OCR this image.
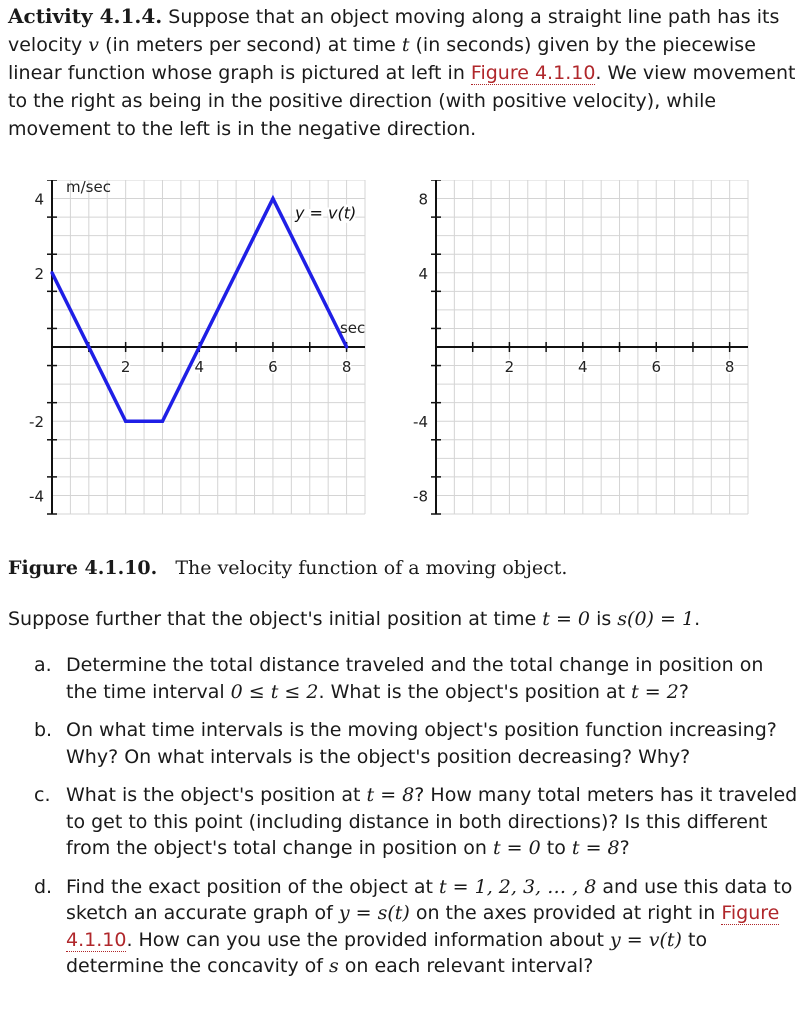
Activity 4.1.4. Suppose that an object moving along a straight line path has its velocity v (in meters per second) at time t (in seconds) given by the piecewise linear function whose graph is pictured at left in Figure 4.1.10. We view movement to the right as being in the positive direction (with positive velocity), while movement to the left is in the negative direction.

2	4	6	8
4
2
-2
-4
m/sec
sec
y = v(t)
2	4	6	8
8
4
-4
-8

Figure 4.1.10. The velocity function of a moving object.

Suppose further that the object's initial position at time t = 0 is s(0) = 1.

a. Determine the total distance traveled and the total change in position on the time interval 0 ≤ t ≤ 2. What is the object's position at t = 2?
b. On what time intervals is the moving object's position function increasing? Why? On what intervals is the object's position decreasing? Why?
c. What is the object's position at t = 8? How many total meters has it traveled to get to this point (including distance in both directions)? Is this different from the object's total change in position on t = 0 to t = 8?
d. Find the exact position of the object at t = 1, 2, 3, … , 8 and use this data to sketch an accurate graph of y = s(t) on the axes provided at right in Figure 4.1.10. How can you use the provided information about y = v(t) to determine the concavity of s on each relevant interval?
